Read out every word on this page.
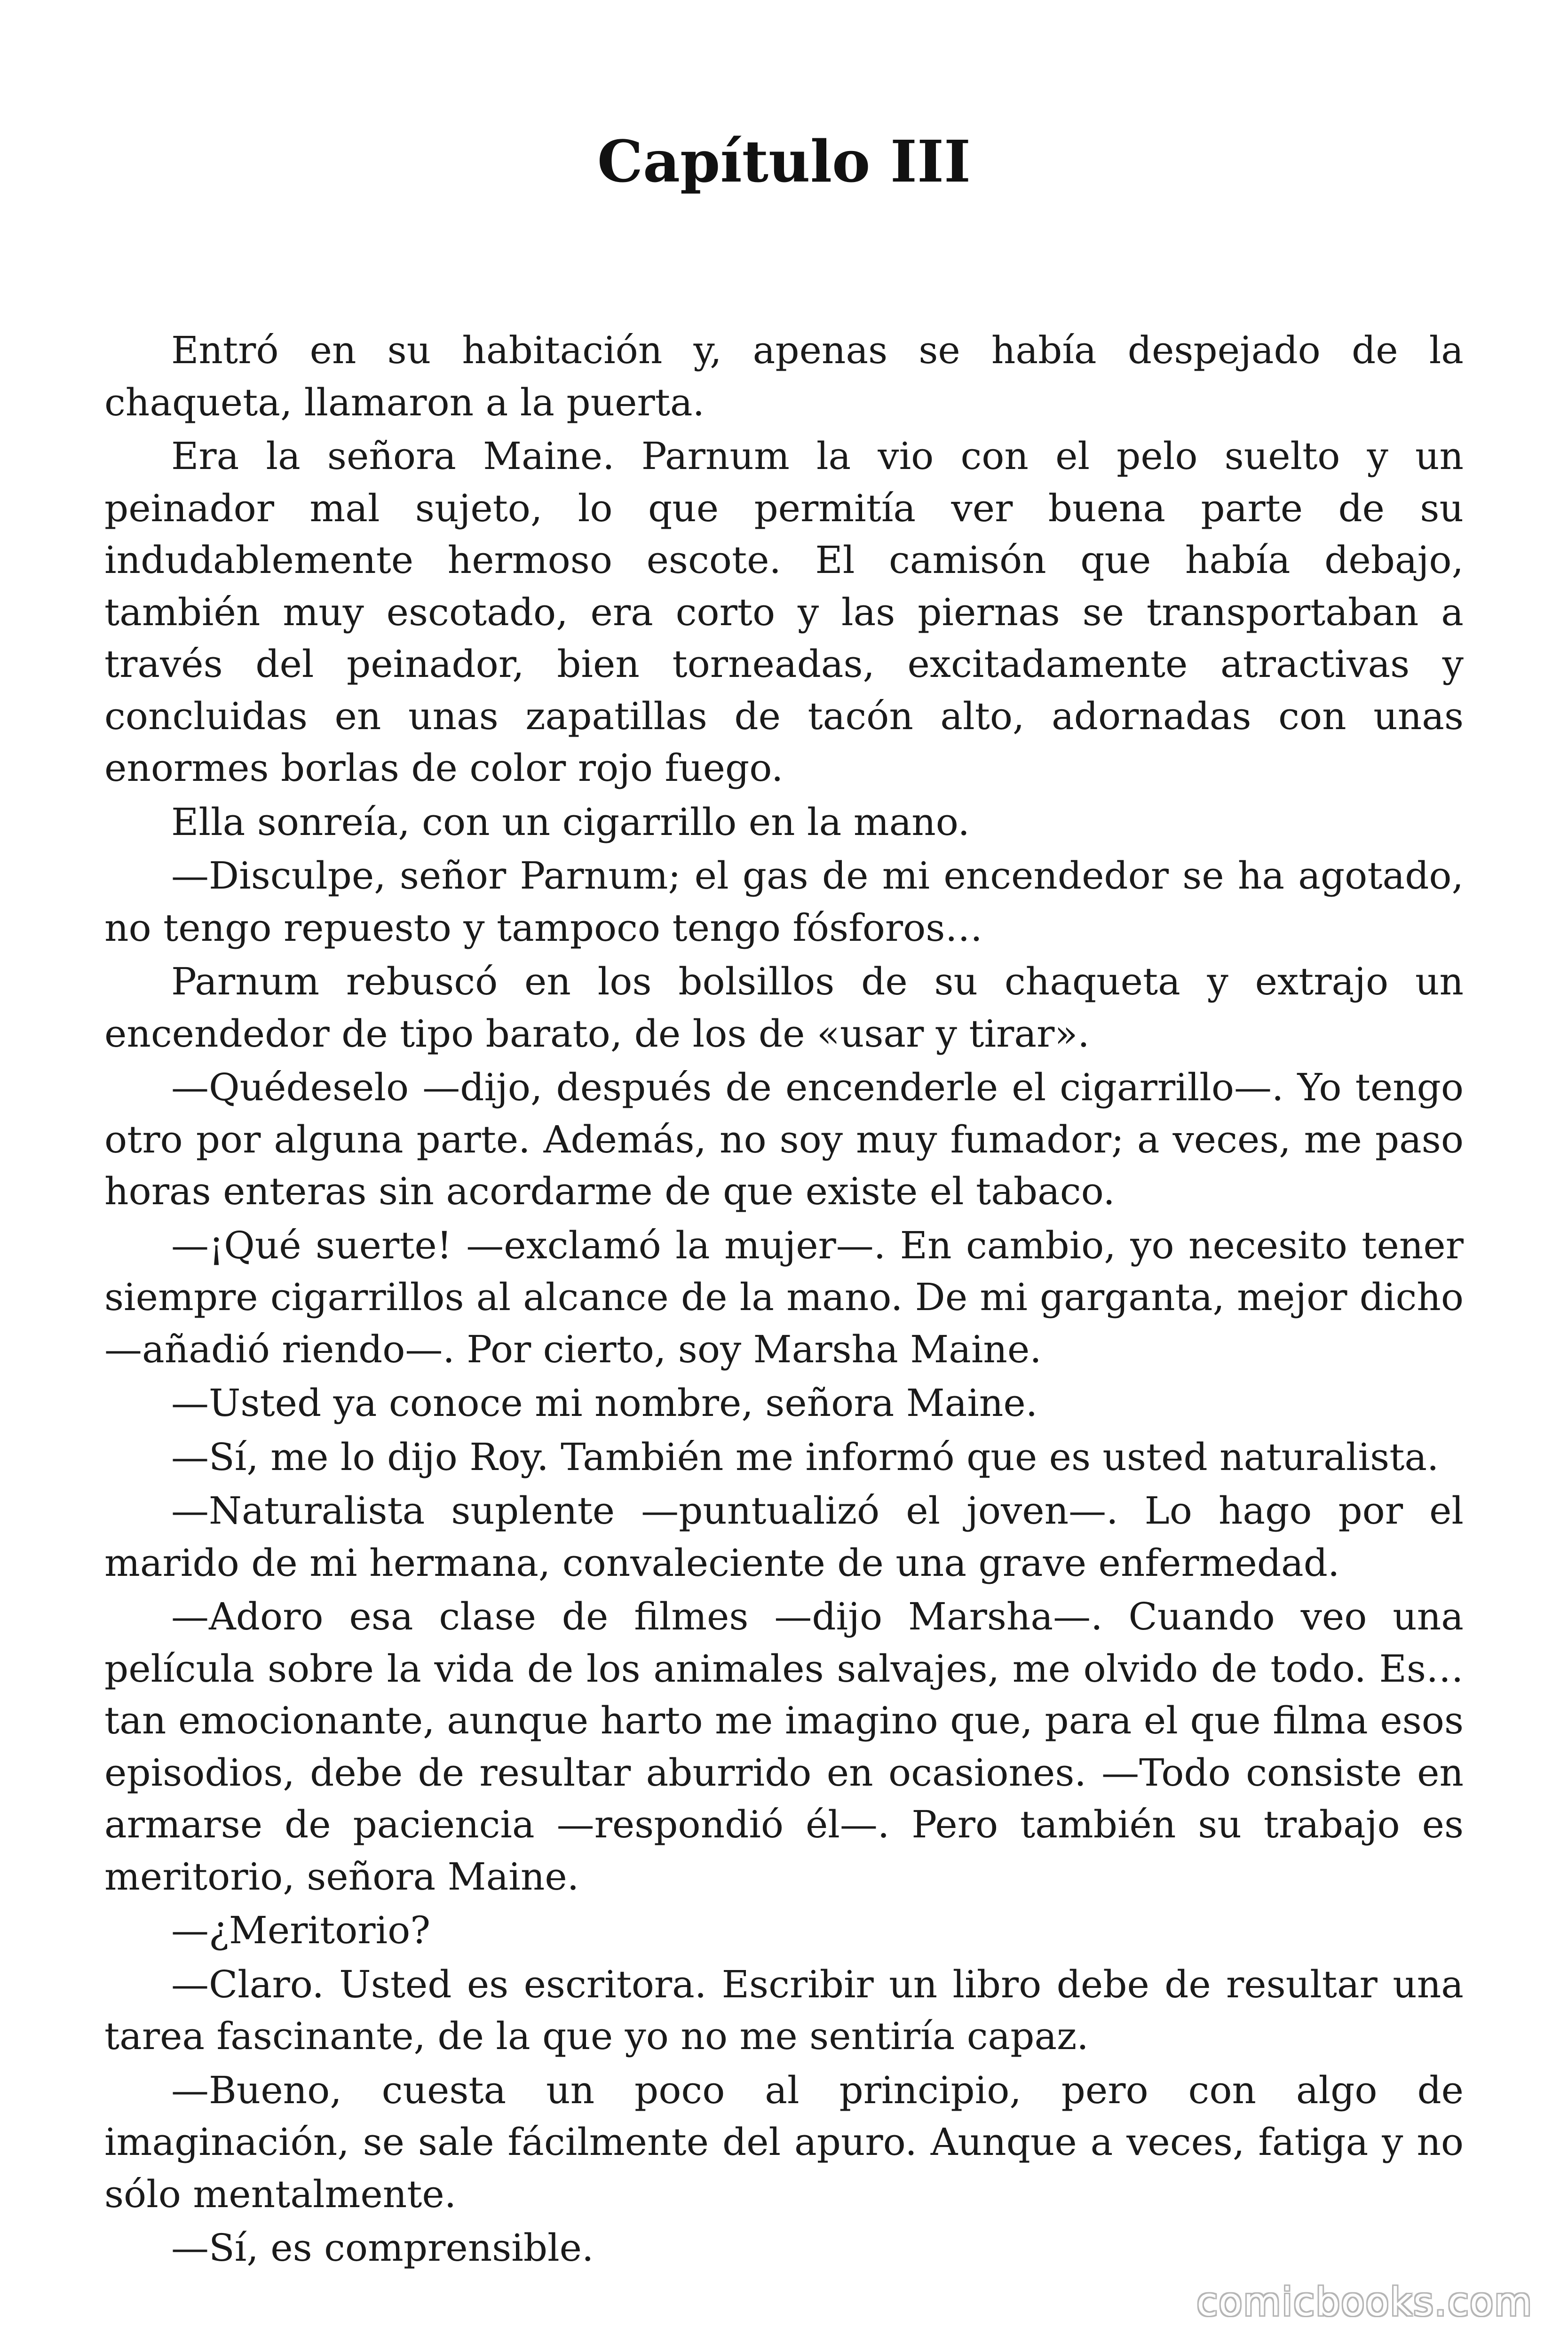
Capítulo III

Entró en su habitación y, apenas se había despejado de la chaqueta, llamaron a la puerta.

Era la señora Maine. Parnum la vio con el pelo suelto y un peinador mal sujeto, lo que permitía ver buena parte de su indudablemente hermoso escote. El camisón que había debajo, también muy escotado, era corto y las piernas se transportaban a través del peinador, bien torneadas, excitadamente atractivas y concluidas en unas zapatillas de tacón alto, adornadas con unas enormes borlas de color rojo fuego.

Ella sonreía, con un cigarrillo en la mano.

—Disculpe, señor Parnum; el gas de mi encendedor se ha agotado, no tengo repuesto y tampoco tengo fósforos…

Parnum rebuscó en los bolsillos de su chaqueta y extrajo un encendedor de tipo barato, de los de «usar y tirar».

—Quédeselo —dijo, después de encenderle el cigarrillo—. Yo tengo otro por alguna parte. Además, no soy muy fumador; a veces, me paso horas enteras sin acordarme de que existe el tabaco.

—¡Qué suerte! —exclamó la mujer—. En cambio, yo necesito tener siempre cigarrillos al alcance de la mano. De mi garganta, mejor dicho —añadió riendo—. Por cierto, soy Marsha Maine.

—Usted ya conoce mi nombre, señora Maine.

—Sí, me lo dijo Roy. También me informó que es usted naturalista.

—Naturalista suplente —puntualizó el joven—. Lo hago por el marido de mi hermana, convaleciente de una grave enfermedad.

—Adoro esa clase de filmes —dijo Marsha—. Cuando veo una película sobre la vida de los animales salvajes, me olvido de todo. Es… tan emocionante, aunque harto me imagino que, para el que filma esos episodios, debe de resultar aburrido en ocasiones. —Todo consiste en armarse de paciencia —respondió él—. Pero también su trabajo es meritorio, señora Maine.

—¿Meritorio?

—Claro. Usted es escritora. Escribir un libro debe de resultar una tarea fascinante, de la que yo no me sentiría capaz.

—Bueno, cuesta un poco al principio, pero con algo de imaginación, se sale fácilmente del apuro. Aunque a veces, fatiga y no sólo mentalmente.

—Sí, es comprensible.

comicbooks.com
